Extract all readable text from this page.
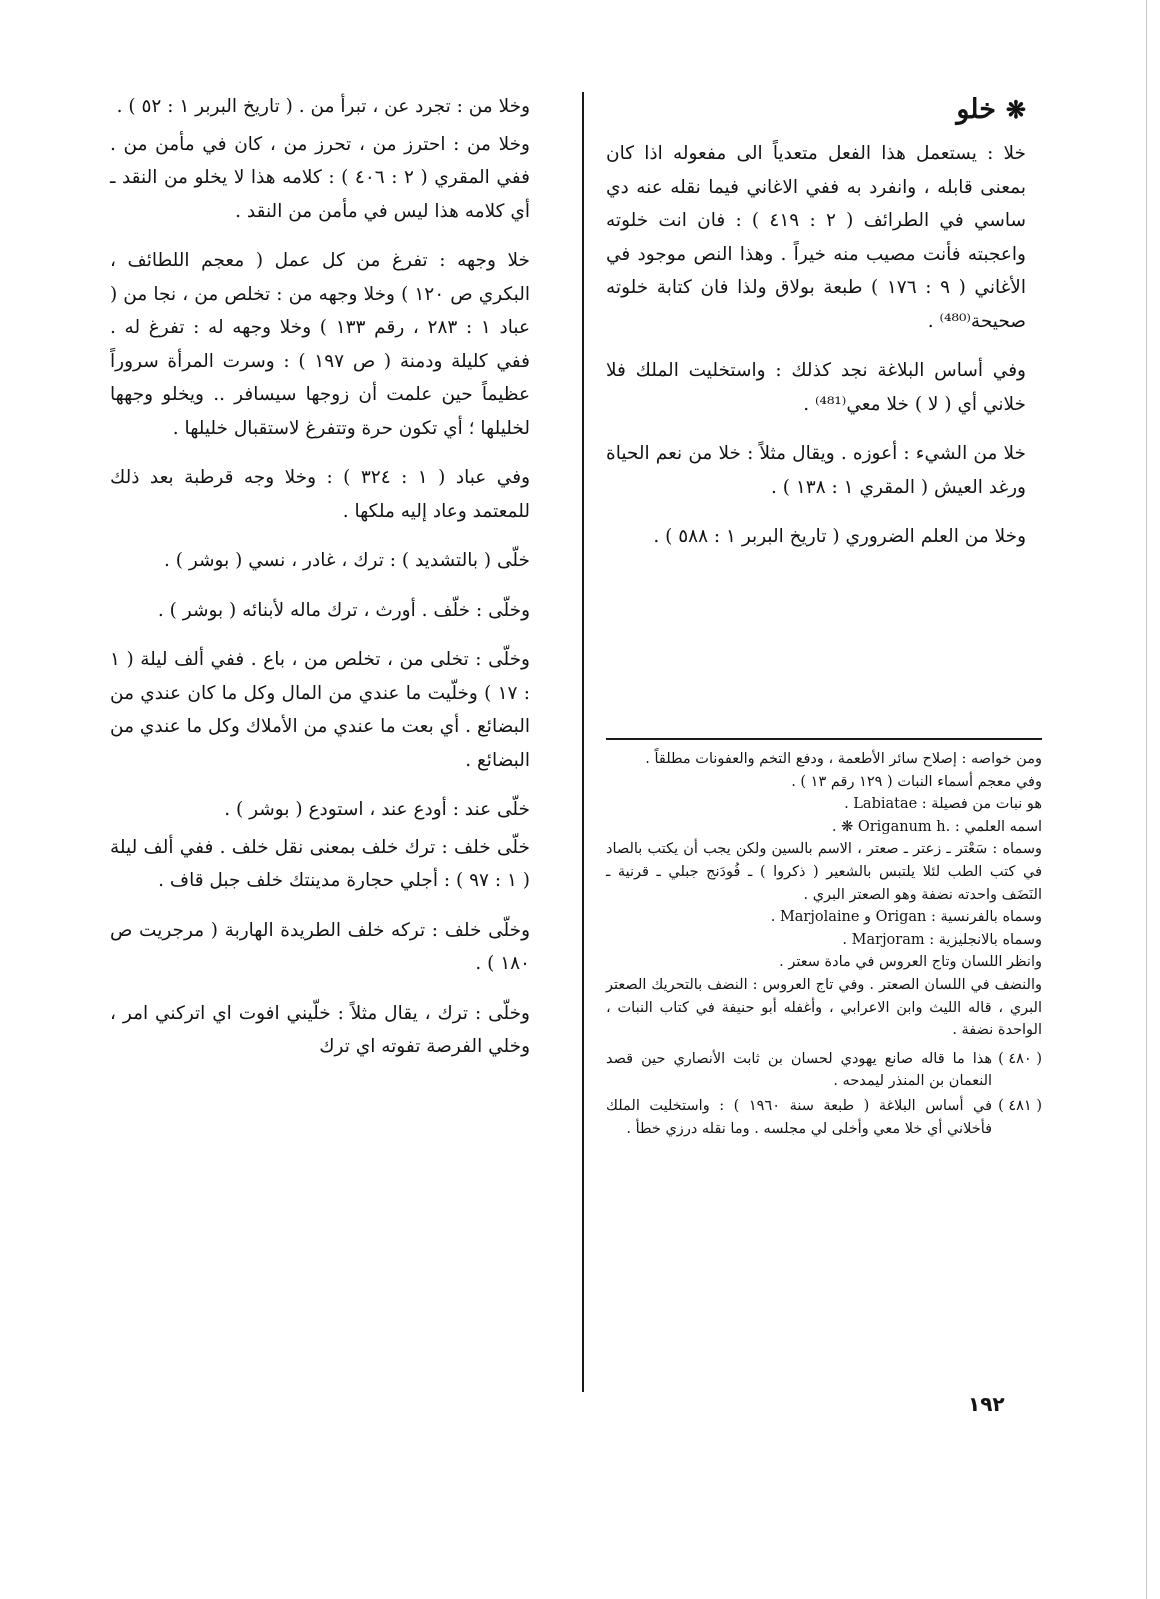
❋
خلو

خلا : يستعمل هذا الفعل متعدياً الى مفعوله اذا كان بمعنى قابله ، وانفرد به ففي الاغاني فيما نقله عنه دي ساسي في الطرائف ( ٢ : ٤١٩ ) : فان انت خلوته واعجبته فأنت مصيب منه خيراً . وهذا النص موجود في الأغاني ( ٩ : ١٧٦ ) طبعة بولاق ولذا فان كتابة خلوته صحيحة⁽⁴⁸⁰⁾ .

وفي أساس البلاغة نجد كذلك : واستخليت الملك فلا خلاني أي ( لا ) خلا معي⁽⁴⁸¹⁾ .

خلا من الشيء : أعوزه . ويقال مثلاً : خلا من نعم الحياة ورغد العيش ( المقري ١ : ١٣٨ ) .

وخلا من العلم الضروري ( تاريخ البربر ١ : ٥٨٨ ) .

ومن خواصه : إصلاح سائر الأطعمة ، ودفع التخم والعفونات مطلقاً .

وفي معجم أسماء النبات ( ١٢٩ رقم ١٣ ) .

هو نبات من فصيلة : Labiatae .

اسمه العلمي : .Origanum h ❋ .

وسماه : سَعْتر ـ زعتر ـ صعتر ، الاسم بالسين ولكن يجب أن يكتب بالصاد في كتب الطب لئلا يلتبس بالشعير ( ذكروا ) ـ فُودَنج جبلي ـ قرنية ـ النَضَف واحدته نضفة وهو الصعتر البري .

وسماه بالفرنسية : Origan و Marjolaine .

وسماه بالانجليزية : Marjoram .

وانظر اللسان وتاج العروس في مادة سعتر .

والنضف في اللسان الصعتر . وفي تاج العروس : النضف بالتحريك الصعتر البري ، قاله الليث وابن الاعرابي ، وأغفله أبو حنيفة في كتاب النبات ، الواحدة نضفة .

( ٤٨٠ )
هذا ما قاله صانع يهودي لحسان بن ثابت الأنصاري حين قصد النعمان بن المنذر ليمدحه .
( ٤٨١ )
في أساس البلاغة ( طبعة سنة ١٩٦٠ ) : واستخليت الملك فأخلاني أي خلا معي وأخلى لي مجلسه . وما نقله درزي خطأ .
١٩٢

وخلا من : تجرد عن ، تبرأ من . ( تاريخ البربر ١ : ٥٢ ) .

وخلا من : احترز من ، تحرز من ، كان في مأمن من . ففي المقري ( ٢ : ٤٠٦ ) : كلامه هذا لا يخلو من النقد ـ أي كلامه هذا ليس في مأمن من النقد .

خلا وجهه : تفرغ من كل عمل ( معجم اللطائف ، البكري ص ١٢٠ ) وخلا وجهه من : تخلص من ، نجا من ( عباد ١ : ٢٨٣ ، رقم ١٣٣ ) وخلا وجهه له : تفرغ له . ففي كليلة ودمنة ( ص ١٩٧ ) : وسرت المرأة سروراً عظيماً حين علمت أن زوجها سيسافر .. ويخلو وجهها لخليلها ؛ أي تكون حرة وتتفرغ لاستقبال خليلها .

وفي عباد ( ١ : ٣٢٤ ) : وخلا وجه قرطبة بعد ذلك للمعتمد وعاد إليه ملكها .

خلّى ( بالتشديد ) : ترك ، غادر ، نسي ( بوشر ) .

وخلّى : خلّف . أورث ، ترك ماله لأبنائه ( بوشر ) .

وخلّى : تخلى من ، تخلص من ، باع . ففي ألف ليلة ( ١ : ١٧ ) وخلّيت ما عندي من المال وكل ما كان عندي من البضائع . أي بعت ما عندي من الأملاك وكل ما عندي من البضائع .

خلّى عند : أودع عند ، استودع ( بوشر ) .

خلّى خلف : ترك خلف بمعنى نقل خلف . ففي ألف ليلة ( ١ : ٩٧ ) : أجلي حجارة مدينتك خلف جبل قاف .

وخلّى خلف : تركه خلف الطريدة الهاربة ( مرجريت ص ١٨٠ ) .

وخلّى : ترك ، يقال مثلاً : خلّيني افوت اي اتركني امر ، وخلي الفرصة تفوته اي ترك
